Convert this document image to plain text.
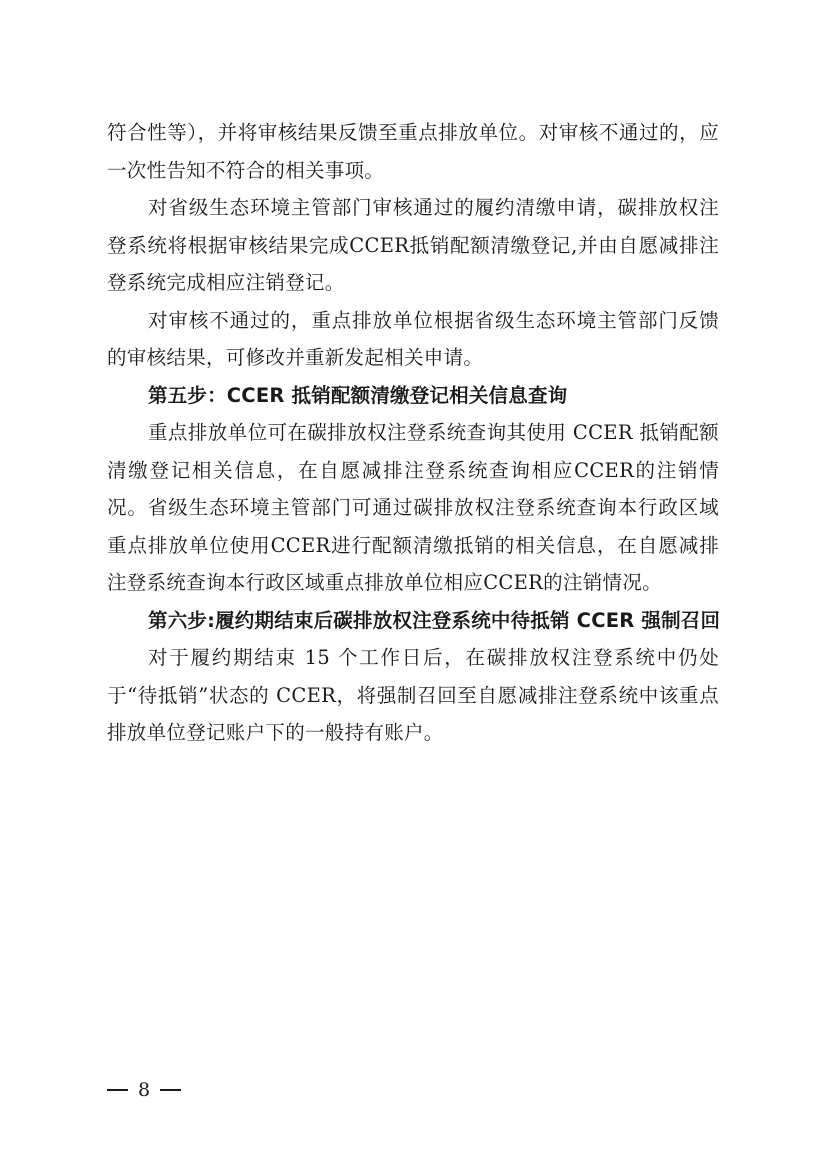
符合性等），并将审核结果反馈至重点排放单位。对审核不通过的，应一次性告知不符合的相关事项。

对省级生态环境主管部门审核通过的履约清缴申请，碳排放权注登系统将根据审核结果完成CCER抵销配额清缴登记,并由自愿减排注登系统完成相应注销登记。

对审核不通过的，重点排放单位根据省级生态环境主管部门反馈的审核结果，可修改并重新发起相关申请。

第五步：CCER 抵销配额清缴登记相关信息查询

重点排放单位可在碳排放权注登系统查询其使用 CCER 抵销配额清缴登记相关信息，在自愿减排注登系统查询相应CCER的注销情况。省级生态环境主管部门可通过碳排放权注登系统查询本行政区域重点排放单位使用CCER进行配额清缴抵销的相关信息，在自愿减排注登系统查询本行政区域重点排放单位相应CCER的注销情况。

第六步:履约期结束后碳排放权注登系统中待抵销 CCER 强制召回

对于履约期结束 15 个工作日后，在碳排放权注登系统中仍处于“待抵销”状态的 CCER，将强制召回至自愿减排注登系统中该重点排放单位登记账户下的一般持有账户。

8
